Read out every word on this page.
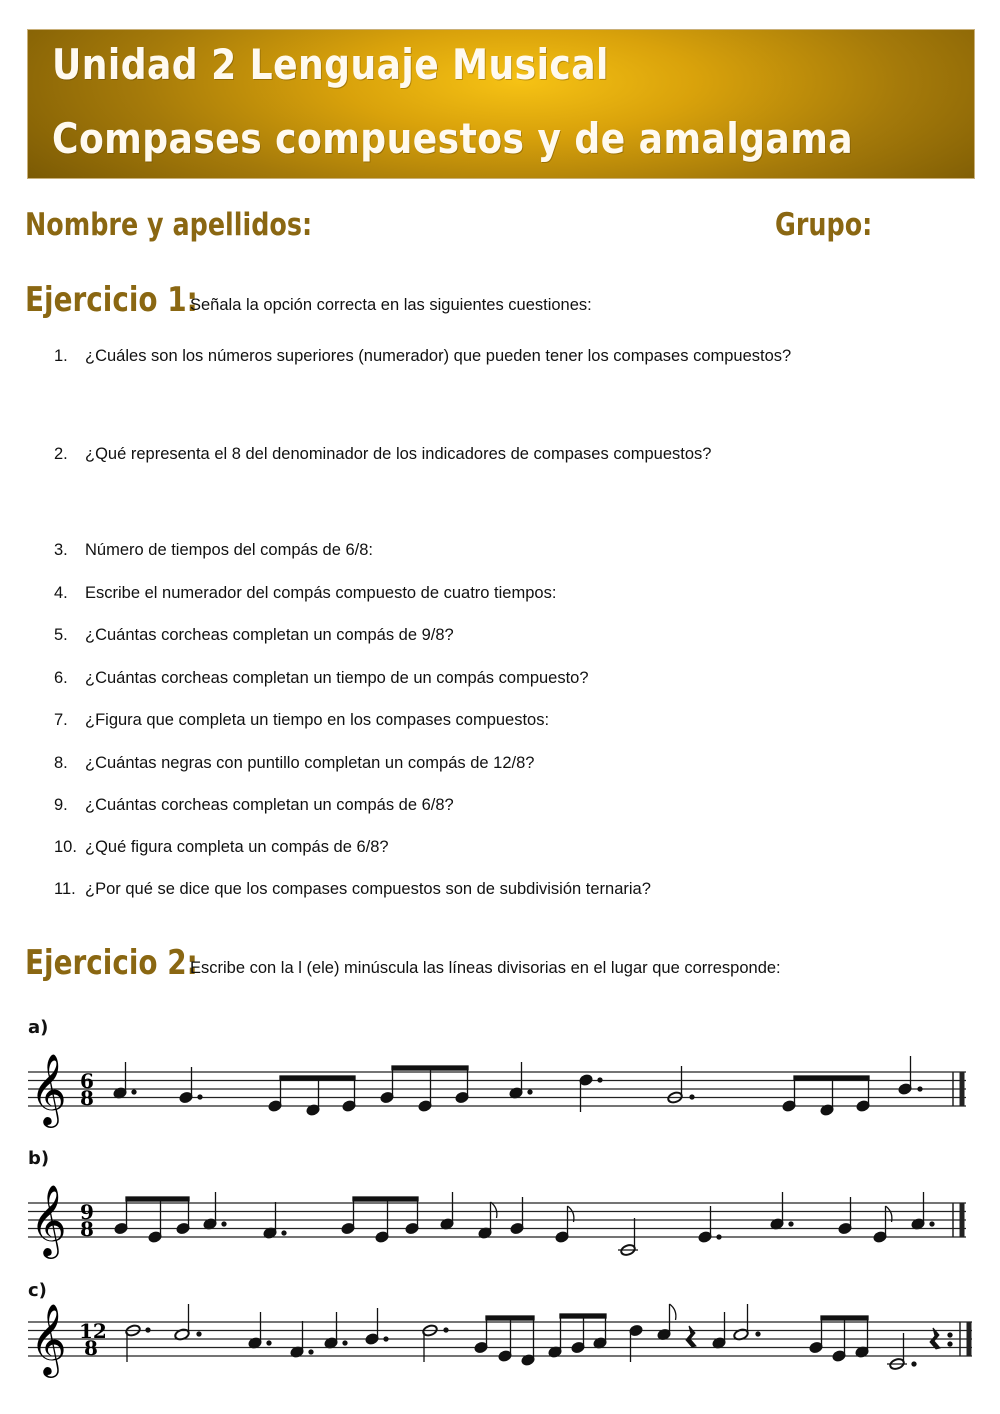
Unidad 2 Lenguaje Musical
Compases compuestos y de amalgama
Nombre y apellidos:	Grupo:
Ejercicio 1:
Señala la opción correcta en las siguientes cuestiones:
1. ¿Cuáles son los números superiores (numerador) que pueden tener los compases compuestos?
2. ¿Qué representa el 8 del denominador de los indicadores de compases compuestos?
3. Número de tiempos del compás de 6/8:
4. Escribe el numerador del compás compuesto de cuatro tiempos:
5. ¿Cuántas corcheas completan un compás de 9/8?
6. ¿Cuántas corcheas completan un tiempo de un compás compuesto?
7. ¿Figura que completa un tiempo en los compases compuestos:
8. ¿Cuántas negras con puntillo completan un compás de 12/8?
9. ¿Cuántas corcheas completan un compás de 6/8?
10. ¿Qué figura completa un compás de 6/8?
11. ¿Por qué se dice que los compases compuestos son de subdivisión ternaria?
Ejercicio 2:
Escribe con la l (ele) minúscula las líneas divisorias en el lugar que corresponde:
a)
𝄞 6
8
b)
𝄞 9
8
c)
𝄞 12
8
